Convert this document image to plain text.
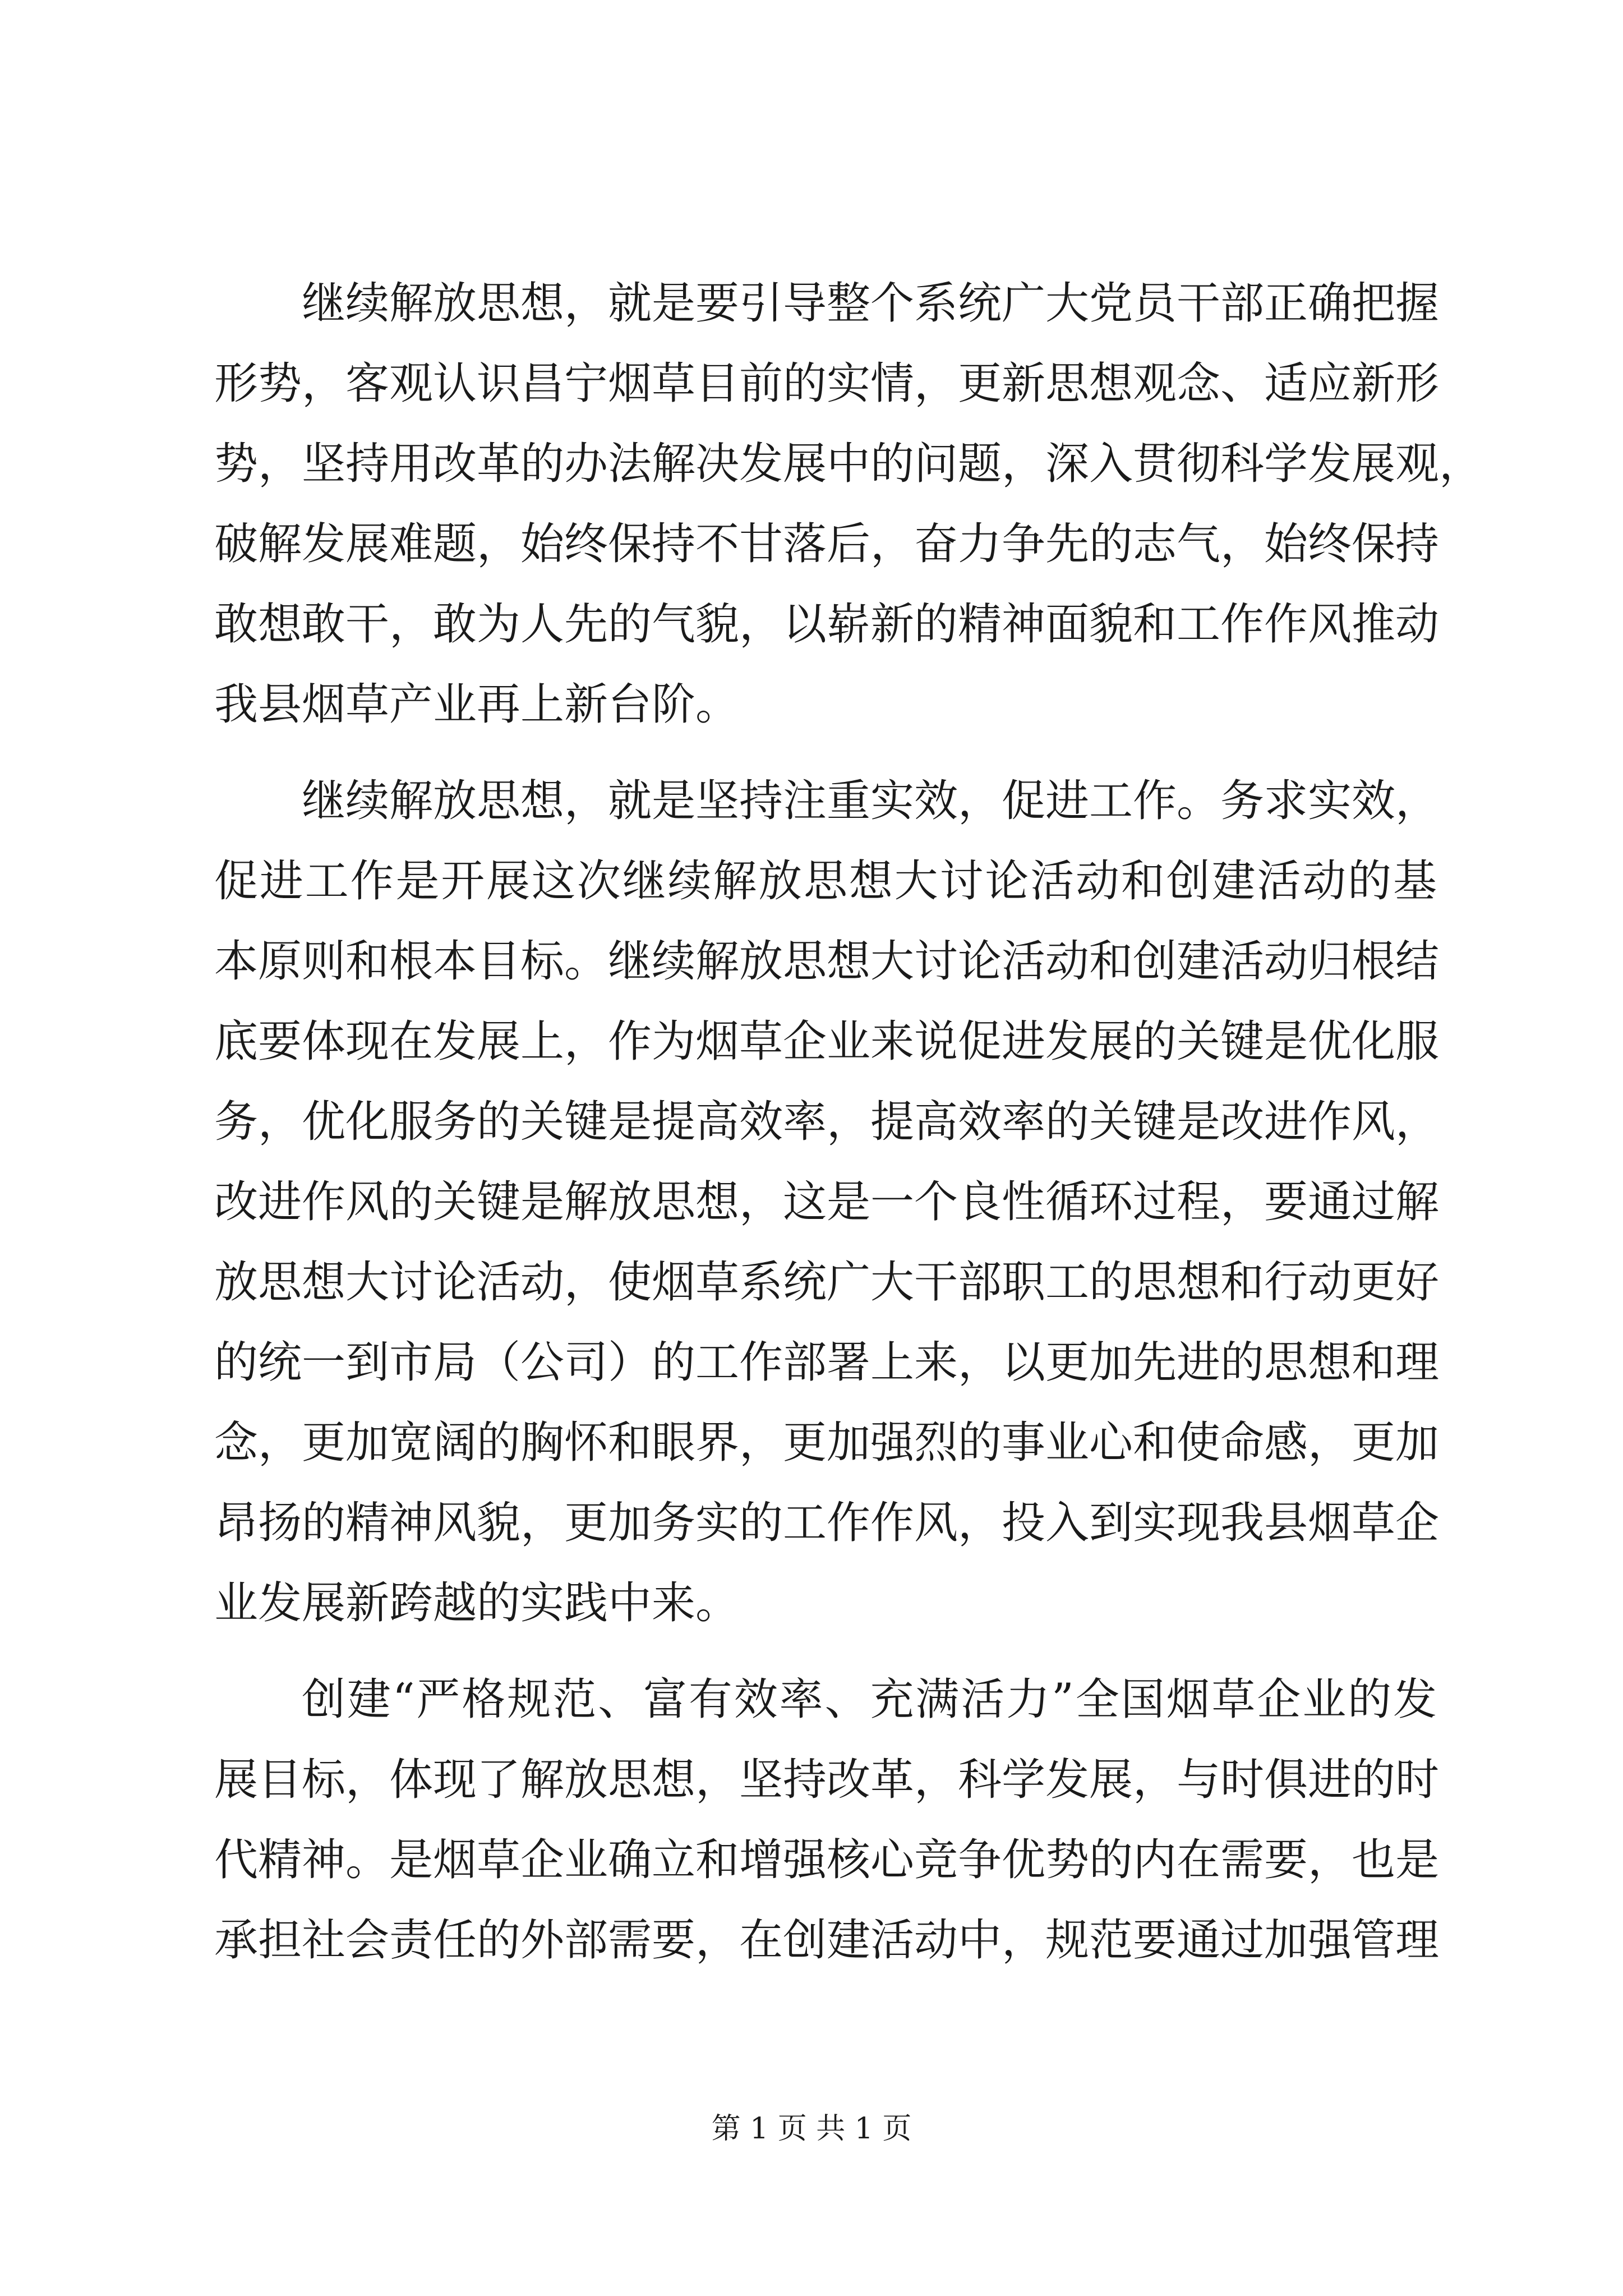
继续解放思想，就是要引导整个系统广大党员干部正确把握
形势，客观认识昌宁烟草目前的实情，更新思想观念、适应新形
势，坚持用改革的办法解决发展中的问题，深入贯彻科学发展观，
破解发展难题，始终保持不甘落后，奋力争先的志气，始终保持
敢想敢干，敢为人先的气貌，以崭新的精神面貌和工作作风推动
我县烟草产业再上新台阶。
继续解放思想，就是坚持注重实效，促进工作。务求实效，
促进工作是开展这次继续解放思想大讨论活动和创建活动的基
本原则和根本目标。继续解放思想大讨论活动和创建活动归根结
底要体现在发展上，作为烟草企业来说促进发展的关键是优化服
务，优化服务的关键是提高效率，提高效率的关键是改进作风，
改进作风的关键是解放思想，这是一个良性循环过程，要通过解
放思想大讨论活动，使烟草系统广大干部职工的思想和行动更好
的统一到市局（公司）的工作部署上来，以更加先进的思想和理
念，更加宽阔的胸怀和眼界，更加强烈的事业心和使命感，更加
昂扬的精神风貌，更加务实的工作作风，投入到实现我县烟草企
业发展新跨越的实践中来。
创建“严格规范、富有效率、充满活力”全国烟草企业的发
展目标，体现了解放思想，坚持改革，科学发展，与时俱进的时
代精神。是烟草企业确立和增强核心竞争优势的内在需要，也是
承担社会责任的外部需要，在创建活动中，规范要通过加强管理
第 1 页 共 1 页
